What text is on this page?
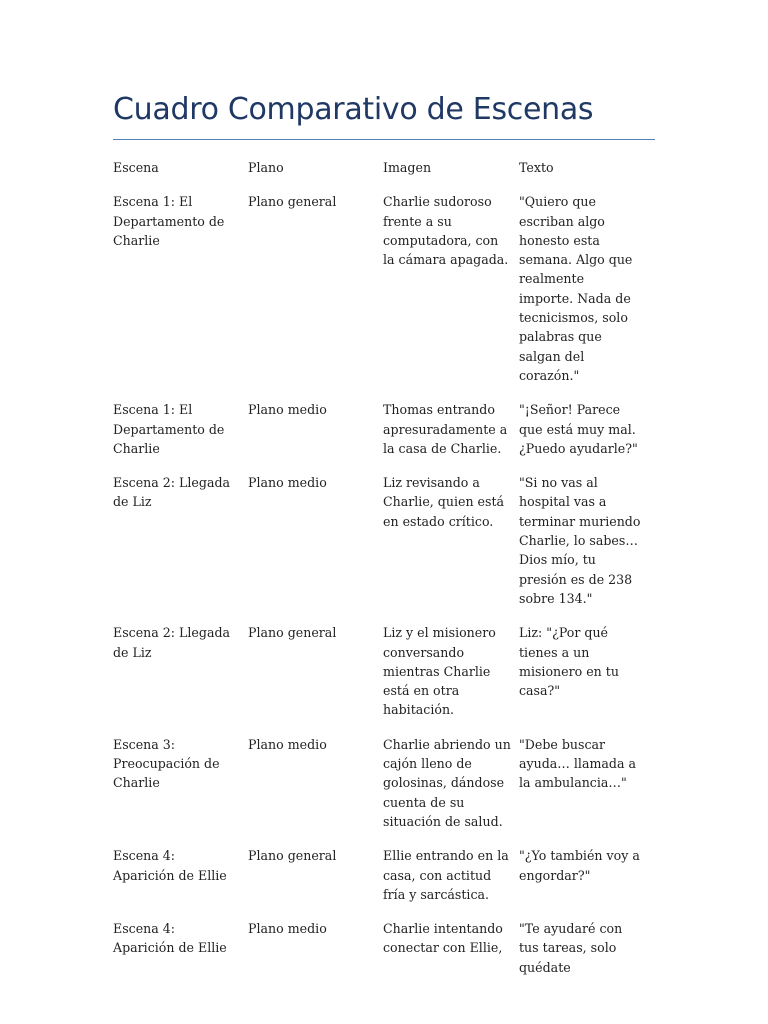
Cuadro Comparativo de Escenas
Escena	Plano	Imagen	Texto
Escena 1: El Departamento de Charlie	Plano general	Charlie sudoroso frente a su computadora, con la cámara apagada.	"Quiero que escriban algo honesto esta semana. Algo que realmente importe. Nada de tecnicismos, solo palabras que salgan del corazón."
Escena 1: El Departamento de Charlie	Plano medio	Thomas entrando apresuradamente a la casa de Charlie.	"¡Señor! Parece que está muy mal. ¿Puedo ayudarle?"
Escena 2: Llegada de Liz	Plano medio	Liz revisando a Charlie, quien está en estado crítico.	"Si no vas al hospital vas a terminar muriendo Charlie, lo sabes… Dios mío, tu presión es de 238 sobre 134."
Escena 2: Llegada de Liz	Plano general	Liz y el misionero conversando mientras Charlie está en otra habitación.	Liz: "¿Por qué tienes a un misionero en tu casa?"
Escena 3: Preocupación de Charlie	Plano medio	Charlie abriendo un cajón lleno de golosinas, dándose cuenta de su situación de salud.	"Debe buscar ayuda… llamada a la ambulancia…"
Escena 4: Aparición de Ellie	Plano general	Ellie entrando en la casa, con actitud fría y sarcástica.	"¿Yo también voy a engordar?"
Escena 4: Aparición de Ellie	Plano medio	Charlie intentando conectar con Ellie,	"Te ayudaré con tus tareas, solo quédate
